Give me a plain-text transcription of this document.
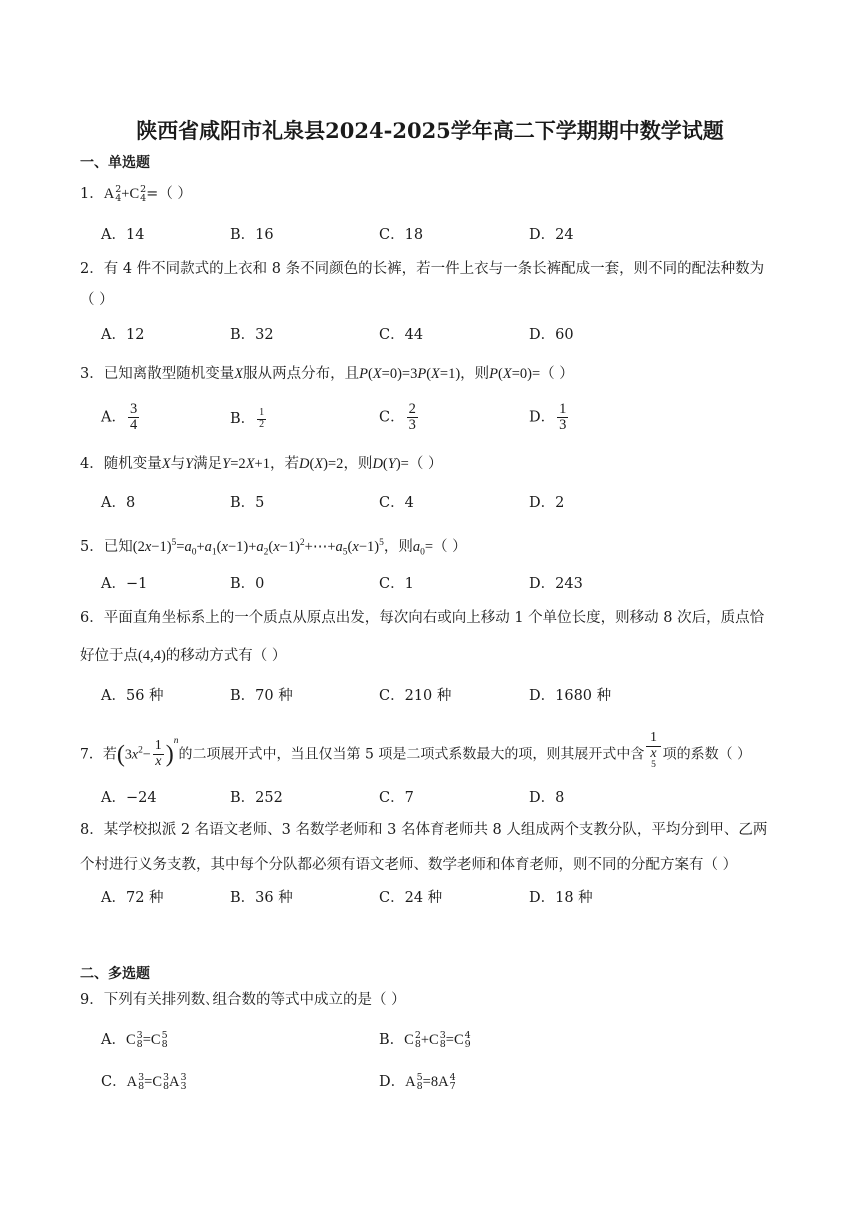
陕西省咸阳市礼泉县2024-2025学年高二下学期期中数学试题
一、单选题
1．A 2
4 +C 2
4 =（ ）
A．14	B．16	C．18	D．24
2．有 4 件不同款式的上衣和 8 条不同颜色的长裤，若一件上衣与一条长裤配成一套，则不同的配法种数为
（ ）
A．12	B．32	C．44	D．60
3．已知离散型随机变量X服从两点分布，且P(X=0)=3P(X=1)，则P(X=0)=（ ）
A． $\frac{3}{4}$	B． $\frac{1}{2}$	C． $\frac{2}{3}$	D． $\frac{1}{3}$
4．随机变量X与Y满足Y=2X+1，若D(X)=2，则D(Y)=（ ）
A．8	B．5	C．4	D．2
5．已知$(2x-1)^5=a_0+a_1(x-1)+a_2(x-1)^2+\cdots+a_5(x-1)^5$，则$a_0=$（ ）
A．−1	B．0	C．1	D．243
6．平面直角坐标系上的一个质点从原点出发，每次向右或向上移动 1 个单位长度，则移动 8 次后，质点恰
好位于点(4,4)的移动方式有（ ）
A．56 种	B．70 种	C．210 种	D．1680 种
7．若$(3x^2- \frac{1}{x} )^n$的二项展开式中，当且仅当第 5 项是二项式系数最大的项，则其展开式中含 1
x
$^5$ 项的系数（ ）
A．−24	B．252	C．7	D．8
8．某学校拟派 2 名语文老师、3 名数学老师和 3 名体育老师共 8 人组成两个支教分队，平均分到甲、乙两
个村进行义务支教，其中每个分队都必须有语文老师、数学老师和体育老师，则不同的分配方案有（ ）
A．72 种	B．36 种	C．24 种	D．18 种
二、多选题
9．下列有关排列数､组合数的等式中成立的是（ ）
A．C 3
8 =C 5
8	B．C 2
8 +C 3
8 =C 4
9
C．A 3
8 =C 3
8 A 3
3	D．A 5
8 =8A 4
7
